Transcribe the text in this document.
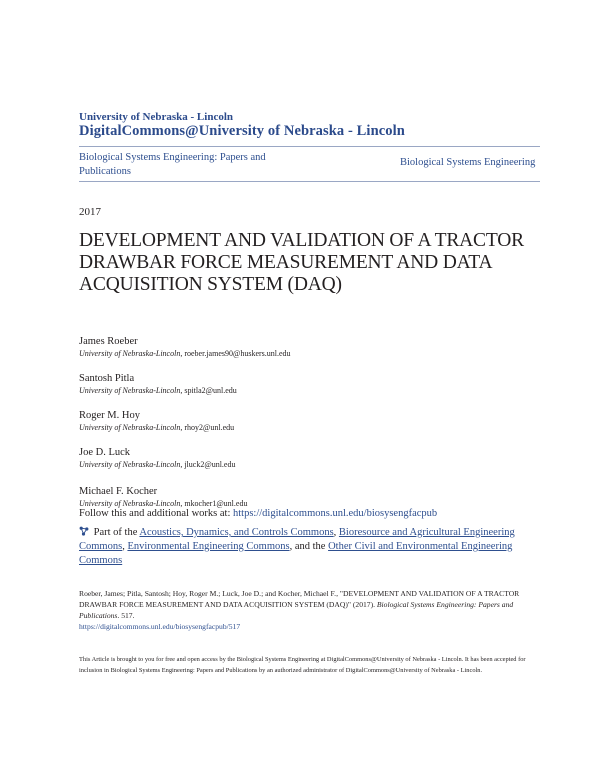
University of Nebraska - Lincoln
DigitalCommons@University of Nebraska - Lincoln
Biological Systems Engineering: Papers and Publications
Biological Systems Engineering
2017
DEVELOPMENT AND VALIDATION OF A TRACTOR DRAWBAR FORCE MEASUREMENT AND DATA ACQUISITION SYSTEM (DAQ)
James Roeber
University of Nebraska-Lincoln, roeber.james90@huskers.unl.edu
Santosh Pitla
University of Nebraska-Lincoln, spitla2@unl.edu
Roger M. Hoy
University of Nebraska-Lincoln, rhoy2@unl.edu
Joe D. Luck
University of Nebraska-Lincoln, jluck2@unl.edu
Michael F. Kocher
University of Nebraska-Lincoln, mkocher1@unl.edu
Follow this and additional works at: https://digitalcommons.unl.edu/biosysengfacpub
Part of the Acoustics, Dynamics, and Controls Commons, Bioresource and Agricultural Engineering Commons, Environmental Engineering Commons, and the Other Civil and Environmental Engineering Commons
Roeber, James; Pitla, Santosh; Hoy, Roger M.; Luck, Joe D.; and Kocher, Michael F., "DEVELOPMENT AND VALIDATION OF A TRACTOR DRAWBAR FORCE MEASUREMENT AND DATA ACQUISITION SYSTEM (DAQ)" (2017). Biological Systems Engineering: Papers and Publications. 517.
https://digitalcommons.unl.edu/biosysengfacpub/517
This Article is brought to you for free and open access by the Biological Systems Engineering at DigitalCommons@University of Nebraska - Lincoln. It has been accepted for inclusion in Biological Systems Engineering: Papers and Publications by an authorized administrator of DigitalCommons@University of Nebraska - Lincoln.
